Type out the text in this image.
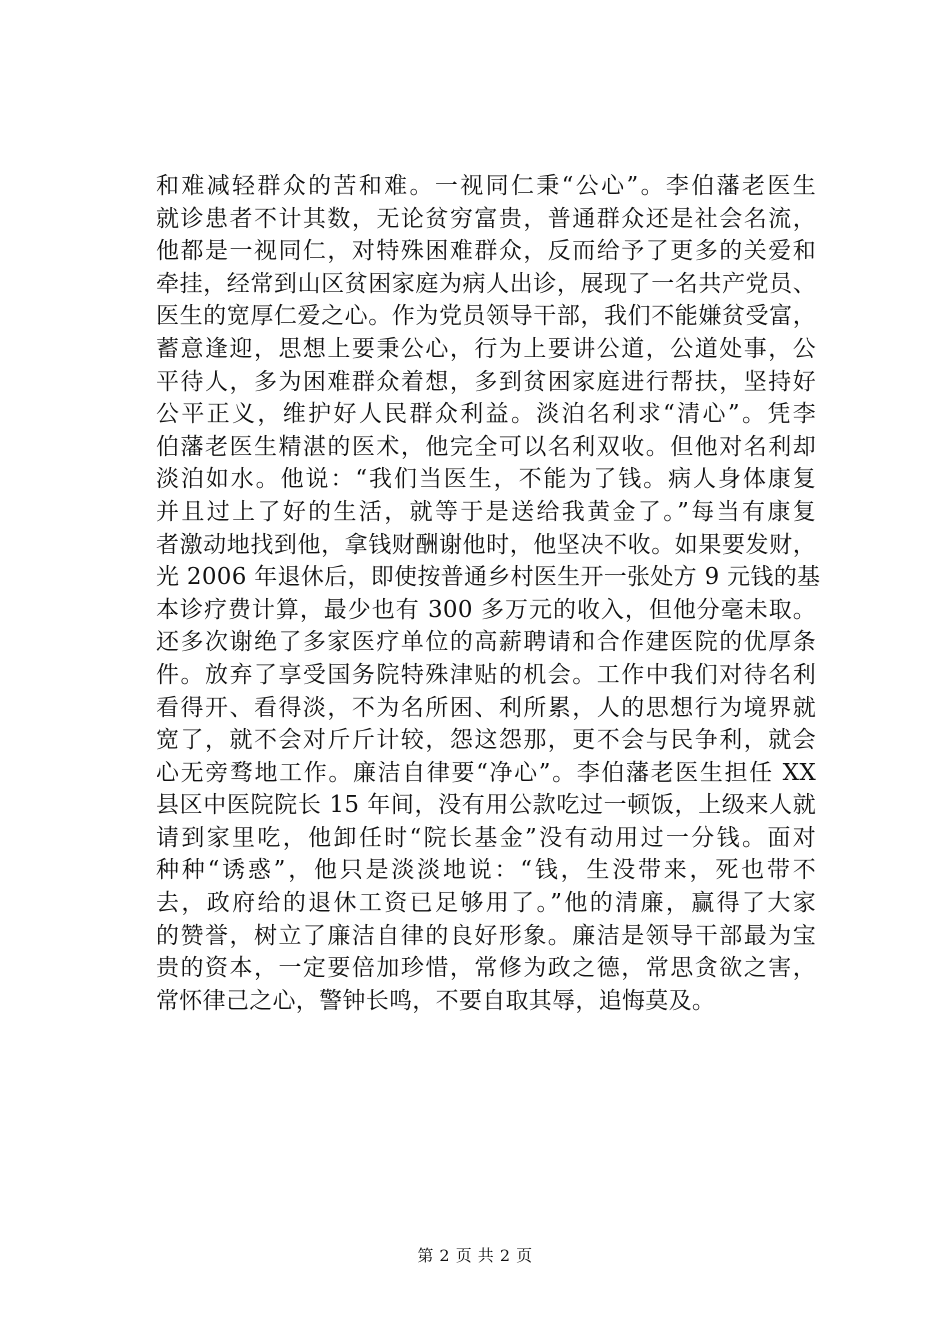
和难减轻群众的苦和难。一视同仁秉“公心”。李伯藩老医生
就诊患者不计其数，无论贫穷富贵，普通群众还是社会名流，
他都是一视同仁，对特殊困难群众，反而给予了更多的关爱和
牵挂，经常到山区贫困家庭为病人出诊，展现了一名共产党员、
医生的宽厚仁爱之心。作为党员领导干部，我们不能嫌贫受富，
蓄意逢迎，思想上要秉公心，行为上要讲公道，公道处事，公
平待人，多为困难群众着想，多到贫困家庭进行帮扶，坚持好
公平正义，维护好人民群众利益。淡泊名利求“清心”。凭李
伯藩老医生精湛的医术，他完全可以名利双收。但他对名利却
淡泊如水。他说：“我们当医生，不能为了钱。病人身体康复
并且过上了好的生活，就等于是送给我黄金了。”每当有康复
者激动地找到他，拿钱财酬谢他时，他坚决不收。如果要发财，
光 2006 年退休后，即使按普通乡村医生开一张处方 9 元钱的基
本诊疗费计算，最少也有 300 多万元的收入，但他分毫未取。
还多次谢绝了多家医疗单位的高薪聘请和合作建医院的优厚条
件。放弃了享受国务院特殊津贴的机会。工作中我们对待名利
看得开、看得淡，不为名所困、利所累，人的思想行为境界就
宽了，就不会对斤斤计较，怨这怨那，更不会与民争利，就会
心无旁骛地工作。廉洁自律要“净心”。李伯藩老医生担任 XX
县区中医院院长 15 年间，没有用公款吃过一顿饭，上级来人就
请到家里吃，他卸任时“院长基金”没有动用过一分钱。面对
种种“诱惑”，他只是淡淡地说：“钱，生没带来，死也带不
去，政府给的退休工资已足够用了。”他的清廉，赢得了大家
的赞誉，树立了廉洁自律的良好形象。廉洁是领导干部最为宝
贵的资本，一定要倍加珍惜，常修为政之德，常思贪欲之害，
常怀律己之心，警钟长鸣，不要自取其辱，追悔莫及。
第 2 页 共 2 页
